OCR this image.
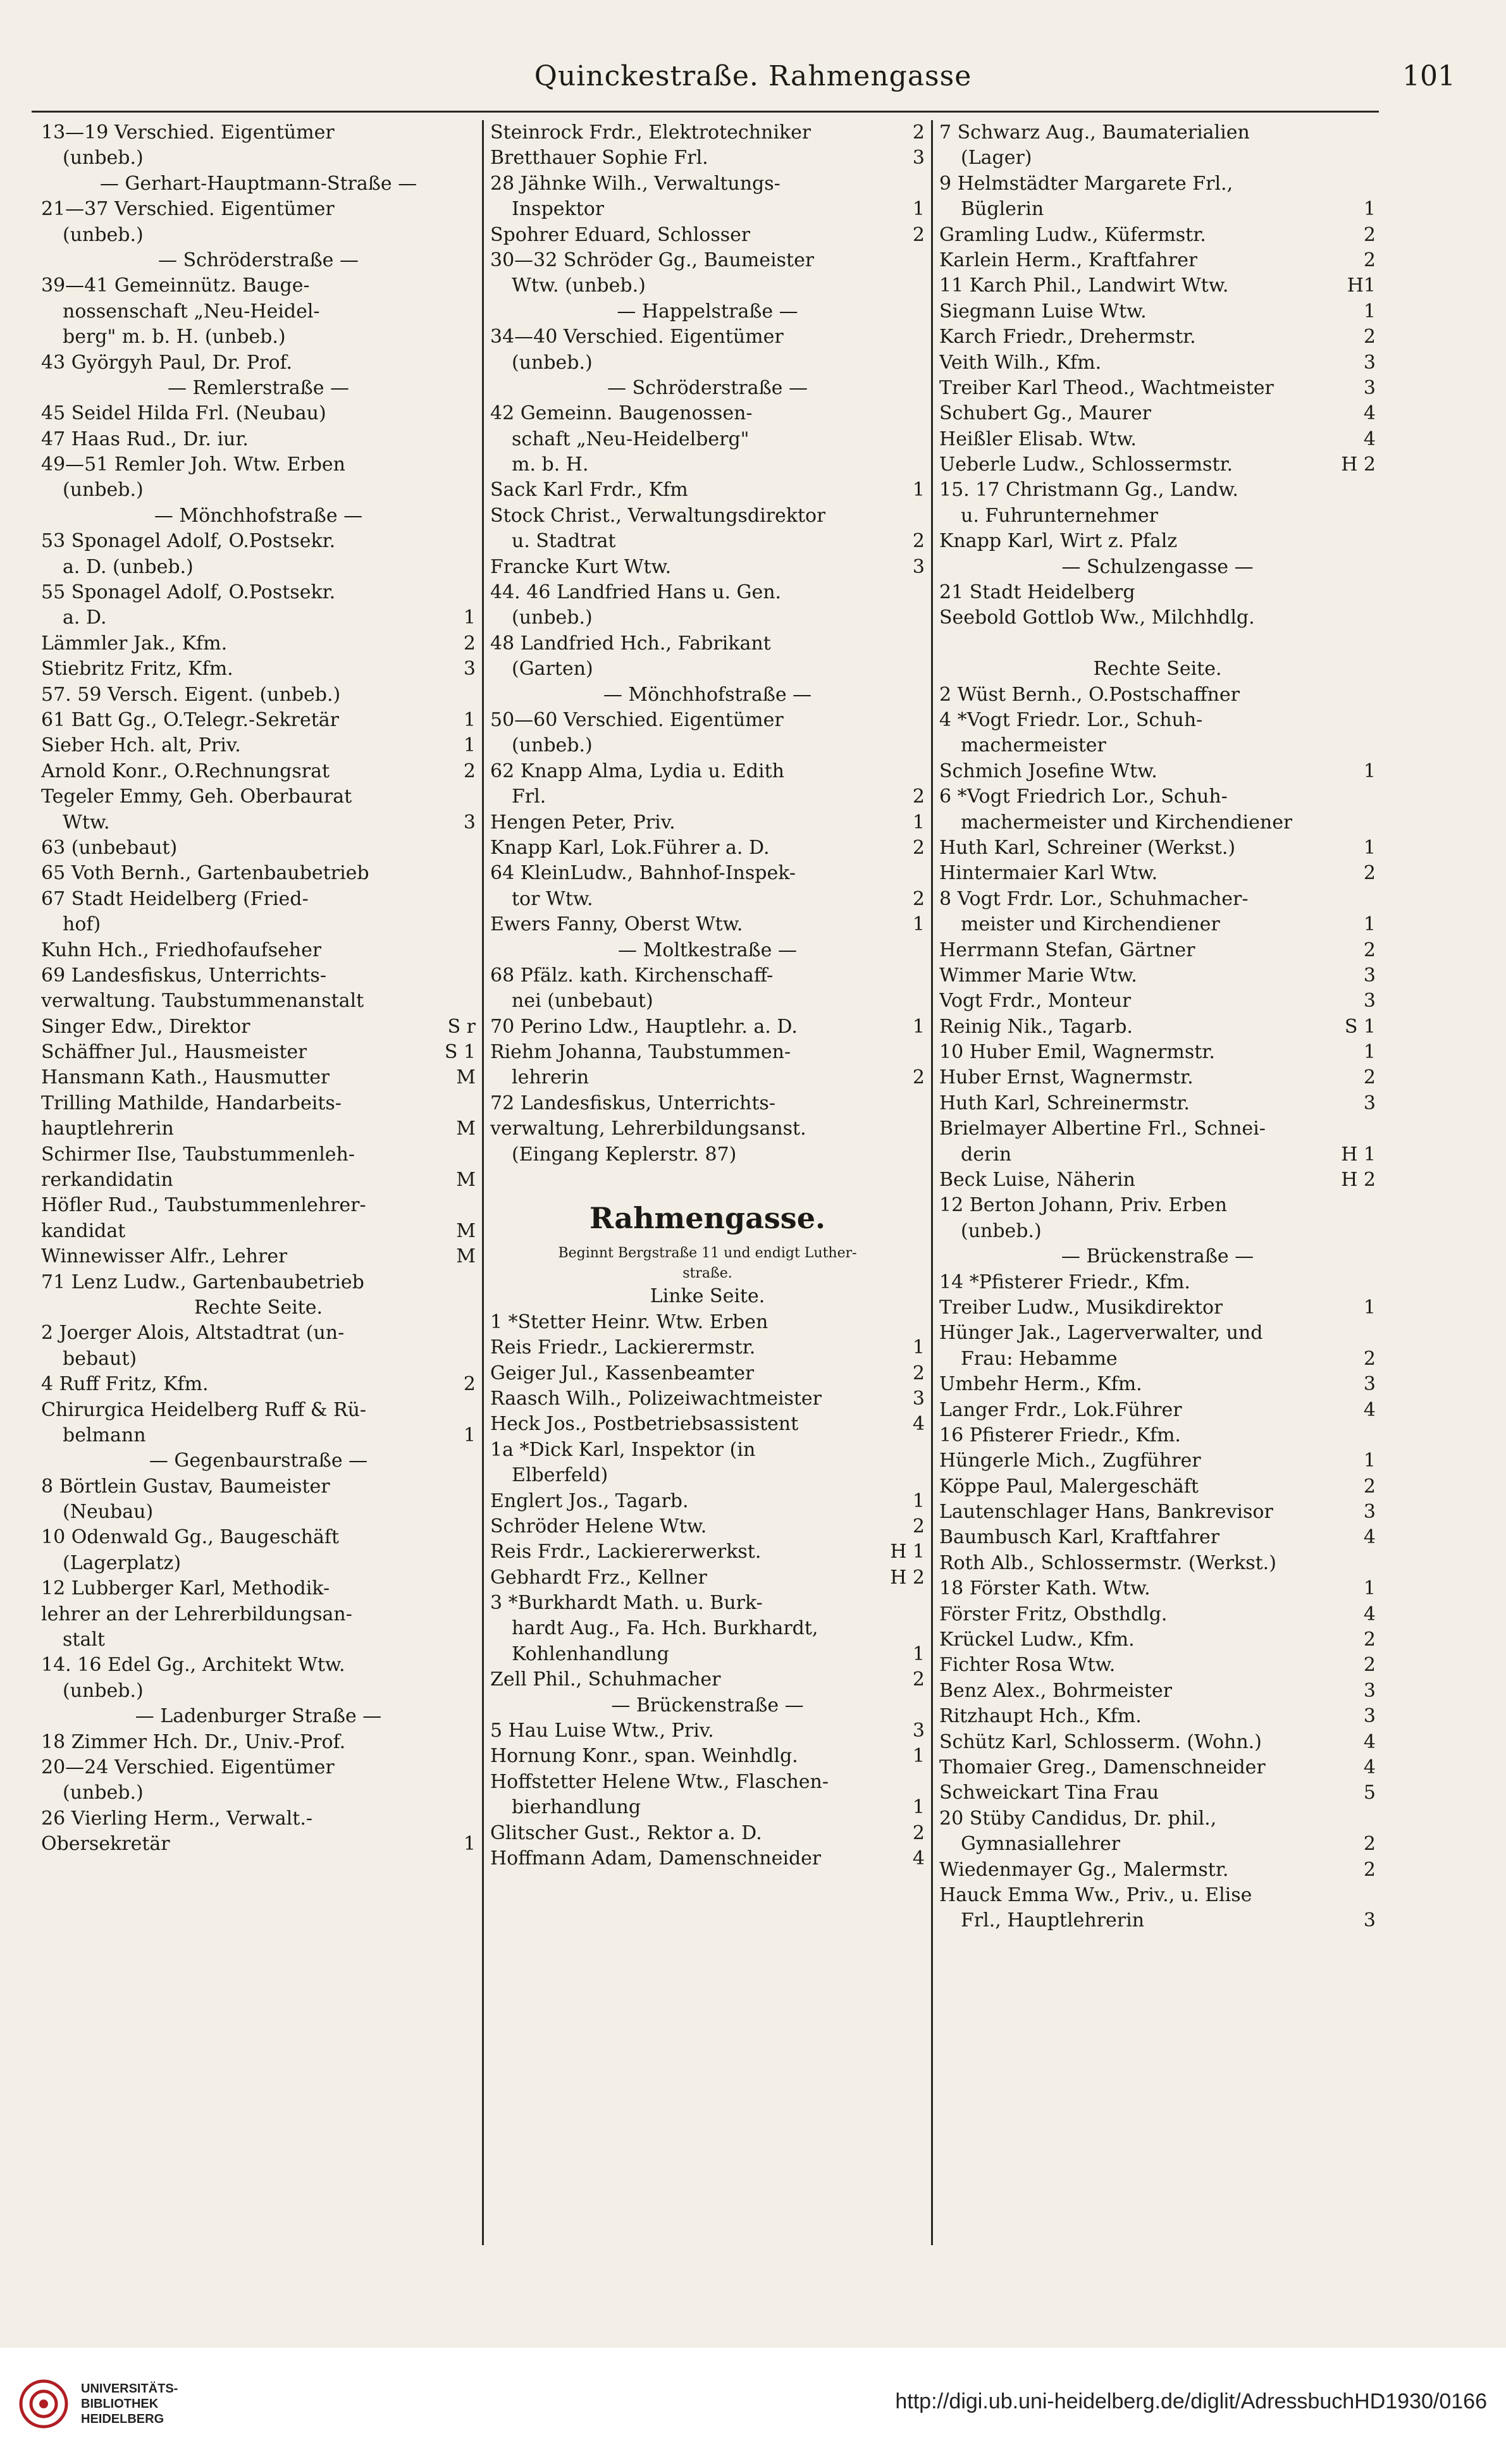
Quinckestraße. Rahmengasse	101
13—19 Verschied. Eigentümer
(unbeb.)
— Gerhart-Hauptmann-Straße —
21—37 Verschied. Eigentümer
(unbeb.)
— Schröderstraße —
39—41 Gemeinnütz. Bauge-
nossenschaft „Neu-Heidel-
berg" m. b. H. (unbeb.)
43 Györgyh Paul, Dr. Prof.
— Remlerstraße —
45 Seidel Hilda Frl. (Neubau)
47 Haas Rud., Dr. iur.
49—51 Remler Joh. Wtw. Erben
(unbeb.)
— Mönchhofstraße —
53 Sponagel Adolf, O.Postsekr.
a. D. (unbeb.)
55 Sponagel Adolf, O.Postsekr.
a. D.	1
Lämmler Jak., Kfm.	2
Stiebritz Fritz, Kfm.	3
57. 59 Versch. Eigent. (unbeb.)
61 Batt Gg., O.Telegr.-Sekretär	1
Sieber Hch. alt, Priv.	1
Arnold Konr., O.Rechnungsrat	2
Tegeler Emmy, Geh. Oberbaurat
Wtw.	3
63 (unbebaut)
65 Voth Bernh., Gartenbaubetrieb
67 Stadt Heidelberg (Fried-
hof)
Kuhn Hch., Friedhofaufseher
69 Landesfiskus, Unterrichts-
verwaltung. Taubstummenanstalt
Singer Edw., Direktor	S r
Schäffner Jul., Hausmeister	S 1
Hansmann Kath., Hausmutter	M
Trilling Mathilde, Handarbeits-
hauptlehrerin	M
Schirmer Ilse, Taubstummenleh-
rerkandidatin	M
Höfler Rud., Taubstummenlehrer-
kandidat	M
Winnewisser Alfr., Lehrer	M
71 Lenz Ludw., Gartenbaubetrieb
Rechte Seite.
2 Joerger Alois, Altstadtrat (un-
bebaut)
4 Ruff Fritz, Kfm.	2
Chirurgica Heidelberg Ruff & Rü-
belmann	1
— Gegenbaurstraße —
8 Börtlein Gustav, Baumeister
(Neubau)
10 Odenwald Gg., Baugeschäft
(Lagerplatz)
12 Lubberger Karl, Methodik-
lehrer an der Lehrerbildungsan-
stalt
14. 16 Edel Gg., Architekt Wtw.
(unbeb.)
— Ladenburger Straße —
18 Zimmer Hch. Dr., Univ.-Prof.
20—24 Verschied. Eigentümer
(unbeb.)
26 Vierling Herm., Verwalt.-
Obersekretär	1
Steinrock Frdr., Elektrotechniker	2
Bretthauer Sophie Frl.	3
28 Jähnke Wilh., Verwaltungs-
Inspektor	1
Spohrer Eduard, Schlosser	2
30—32 Schröder Gg., Baumeister
Wtw. (unbeb.)
— Happelstraße —
34—40 Verschied. Eigentümer
(unbeb.)
— Schröderstraße —
42 Gemeinn. Baugenossen-
schaft „Neu-Heidelberg"
m. b. H.
Sack Karl Frdr., Kfm	1
Stock Christ., Verwaltungsdirektor
u. Stadtrat	2
Francke Kurt Wtw.	3
44. 46 Landfried Hans u. Gen.
(unbeb.)
48 Landfried Hch., Fabrikant
(Garten)
— Mönchhofstraße —
50—60 Verschied. Eigentümer
(unbeb.)
62 Knapp Alma, Lydia u. Edith
Frl.	2
Hengen Peter, Priv.	1
Knapp Karl, Lok.Führer a. D.	2
64 KleinLudw., Bahnhof-Inspek-
tor Wtw.	2
Ewers Fanny, Oberst Wtw.	1
— Moltkestraße —
68 Pfälz. kath. Kirchenschaff-
nei (unbebaut)
70 Perino Ldw., Hauptlehr. a. D.	1
Riehm Johanna, Taubstummen-
lehrerin	2
72 Landesfiskus, Unterrichts-
verwaltung, Lehrerbildungsanst.
(Eingang Keplerstr. 87)
Rahmengasse.
Beginnt Bergstraße 11 und endigt Luther-
straße.
Linke Seite.
1 *Stetter Heinr. Wtw. Erben
Reis Friedr., Lackierermstr.	1
Geiger Jul., Kassenbeamter	2
Raasch Wilh., Polizeiwachtmeister	3
Heck Jos., Postbetriebsassistent	4
1a *Dick Karl, Inspektor (in
Elberfeld)
Englert Jos., Tagarb.	1
Schröder Helene Wtw.	2
Reis Frdr., Lackiererwerkst.	H 1
Gebhardt Frz., Kellner	H 2
3 *Burkhardt Math. u. Burk-
hardt Aug., Fa. Hch. Burkhardt,
Kohlenhandlung	1
Zell Phil., Schuhmacher	2
— Brückenstraße —
5 Hau Luise Wtw., Priv.	3
Hornung Konr., span. Weinhdlg.	1
Hoffstetter Helene Wtw., Flaschen-
bierhandlung	1
Glitscher Gust., Rektor a. D.	2
Hoffmann Adam, Damenschneider	4
7 Schwarz Aug., Baumaterialien
(Lager)
9 Helmstädter Margarete Frl.,
Büglerin	1
Gramling Ludw., Küfermstr.	2
Karlein Herm., Kraftfahrer	2
11 Karch Phil., Landwirt Wtw.	H1
Siegmann Luise Wtw.	1
Karch Friedr., Drehermstr.	2
Veith Wilh., Kfm.	3
Treiber Karl Theod., Wachtmeister	3
Schubert Gg., Maurer	4
Heißler Elisab. Wtw.	4
Ueberle Ludw., Schlossermstr.	H 2
15. 17 Christmann Gg., Landw.
u. Fuhrunternehmer
Knapp Karl, Wirt z. Pfalz
— Schulzengasse —
21 Stadt Heidelberg
Seebold Gottlob Ww., Milchhdlg.
Rechte Seite.
2 Wüst Bernh., O.Postschaffner
4 *Vogt Friedr. Lor., Schuh-
machermeister
Schmich Josefine Wtw.	1
6 *Vogt Friedrich Lor., Schuh-
machermeister und Kirchendiener
Huth Karl, Schreiner (Werkst.)	1
Hintermaier Karl Wtw.	2
8 Vogt Frdr. Lor., Schuhmacher-
meister und Kirchendiener	1
Herrmann Stefan, Gärtner	2
Wimmer Marie Wtw.	3
Vogt Frdr., Monteur	3
Reinig Nik., Tagarb.	S 1
10 Huber Emil, Wagnermstr.	1
Huber Ernst, Wagnermstr.	2
Huth Karl, Schreinermstr.	3
Brielmayer Albertine Frl., Schnei-
derin	H 1
Beck Luise, Näherin	H 2
12 Berton Johann, Priv. Erben
(unbeb.)
— Brückenstraße —
14 *Pfisterer Friedr., Kfm.
Treiber Ludw., Musikdirektor	1
Hünger Jak., Lagerverwalter, und
Frau: Hebamme	2
Umbehr Herm., Kfm.	3
Langer Frdr., Lok.Führer	4
16 Pfisterer Friedr., Kfm.
Hüngerle Mich., Zugführer	1
Köppe Paul, Malergeschäft	2
Lautenschlager Hans, Bankrevisor	3
Baumbusch Karl, Kraftfahrer	4
Roth Alb., Schlossermstr. (Werkst.)
18 Förster Kath. Wtw.	1
Förster Fritz, Obsthdlg.	4
Krückel Ludw., Kfm.	2
Fichter Rosa Wtw.	2
Benz Alex., Bohrmeister	3
Ritzhaupt Hch., Kfm.	3
Schütz Karl, Schlosserm. (Wohn.)	4
Thomaier Greg., Damenschneider	4
Schweickart Tina Frau	5
20 Stüby Candidus, Dr. phil.,
Gymnasiallehrer	2
Wiedenmayer Gg., Malermstr.	2
Hauck Emma Ww., Priv., u. Elise
Frl., Hauptlehrerin	3
UNIVERSITÄTS-
BIBLIOTHEK
HEIDELBERG
http://digi.ub.uni-heidelberg.de/diglit/AdressbuchHD1930/0166
